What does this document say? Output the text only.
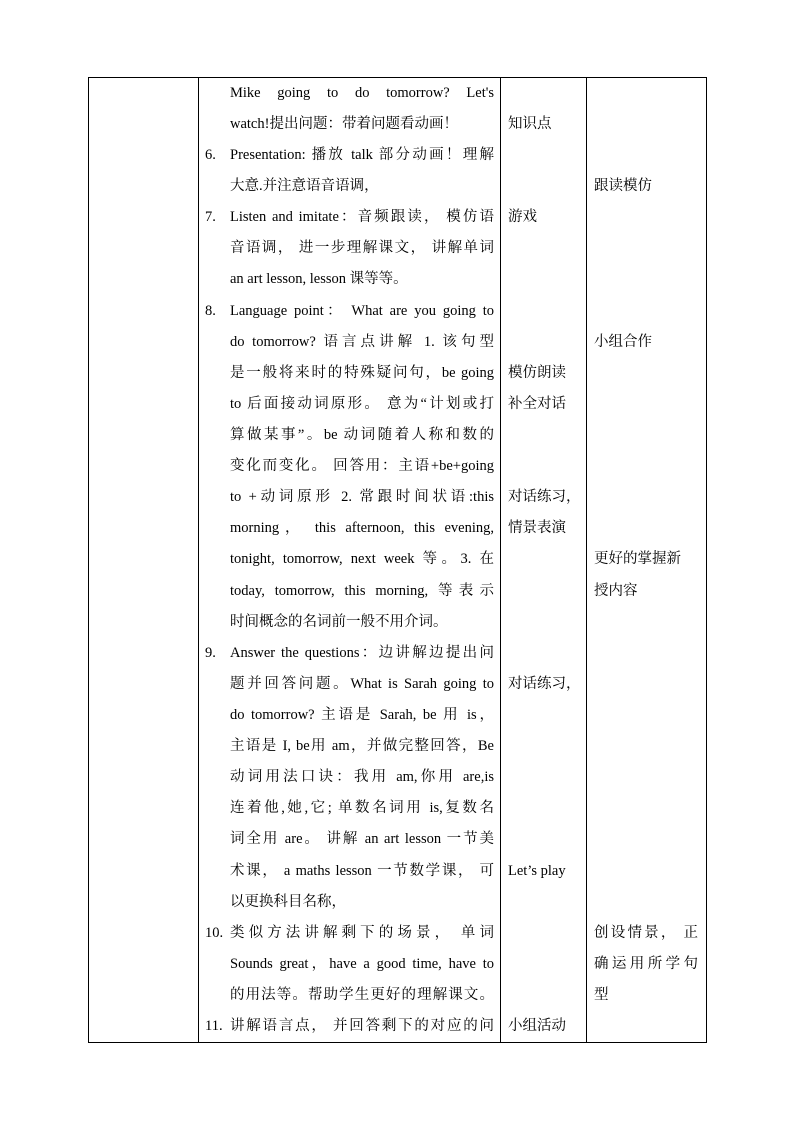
Mike going to do tomorrow? Let's
watch!提出问题：带着问题看动画！
6. Presentation: 播放 talk 部分动画！理解
大意.并注意语音语调，
7. Listen and imitate：音频跟读， 模仿语
音语调， 进一步理解课文， 讲解单词
an art lesson, lesson 课等等。
8. Language point： What are you going to
do tomorrow? 语言点讲解 1. 该句型
是一般将来时的特殊疑问句，be going
to 后面接动词原形。 意为“计划或打
算做某事”。be 动词随着人称和数的
变化而变化。 回答用：主语+be+going
to +动词原形 2. 常跟时间状语:this
morning， this afternoon, this evening,
tonight, tomorrow, next week 等。3. 在
today, tomorrow, this morning, 等表示
时间概念的名词前一般不用介词。
9. Answer the questions：边讲解边提出问
题并回答问题。What is Sarah going to
do tomorrow? 主语是 Sarah, be 用 is，
主语是 I, be用 am，并做完整回答，Be
动词用法口诀：我用 am,你用 are,is
连着他,她,它; 单数名词用 is,复数名
词全用 are。 讲解 an art lesson 一节美
术课， a maths lesson 一节数学课， 可
以更换科目名称，
10. 类似方法讲解剩下的场景， 单词
Sounds great，have a good time, have to
的用法等。帮助学生更好的理解课文。
11. 讲解语言点， 并回答剩下的对应的问
知识点
游戏
模仿朗读
补全对话
对话练习，
情景表演
对话练习，
Let’s play
小组活动
跟读模仿
小组合作
更好的掌握新
授内容
创设情景， 正
确运用所学句
型
